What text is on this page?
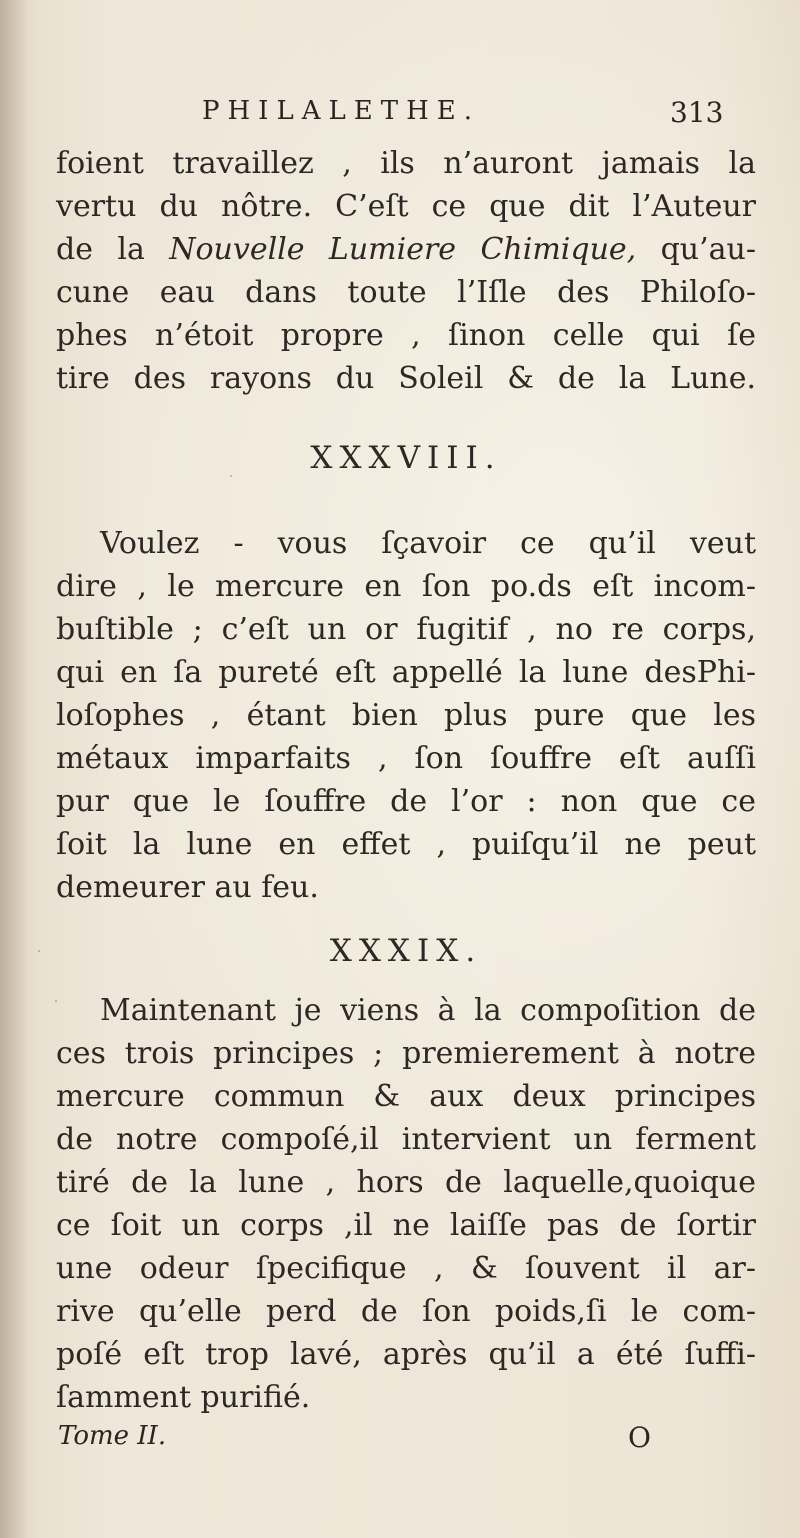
PHILALETHE.	313
foient travaillez , ils n’auront jamais la
vertu du nôtre. C’eſt ce que dit l’Auteur
de la Nouvelle Lumiere Chimique, qu’au-
cune eau dans toute l’Iſle des Philoſo-
phes n’étoit propre , ſinon celle qui ſe
tire des rayons du Soleil & de la Lune.
XXXVIII.
Voulez - vous ſçavoir ce qu’il veut
dire , le mercure en ſon po.ds eſt incom-
buſtible ; c’eſt un or fugitif , no re corps,
qui en ſa pureté eſt appellé la lune desPhi-
loſophes , étant bien plus pure que les
métaux imparfaits , ſon ſouffre eſt auſſi
pur que le ſouffre de l’or : non que ce
ſoit la lune en effet , puiſqu’il ne peut
demeurer au feu.
XXXIX.
Maintenant je viens à la compoſition de
ces trois principes ; premierement à notre
mercure commun & aux deux principes
de notre compoſé,il intervient un ferment
tiré de la lune , hors de laquelle,quoique
ce ſoit un corps ,il ne laiſſe pas de ſortir
une odeur ſpecifique , & ſouvent il ar-
rive qu’elle perd de ſon poids,ſi le com-
poſé eſt trop lavé, après qu’il a été ſuffi-
ſamment purifié.
Tome II.	O
